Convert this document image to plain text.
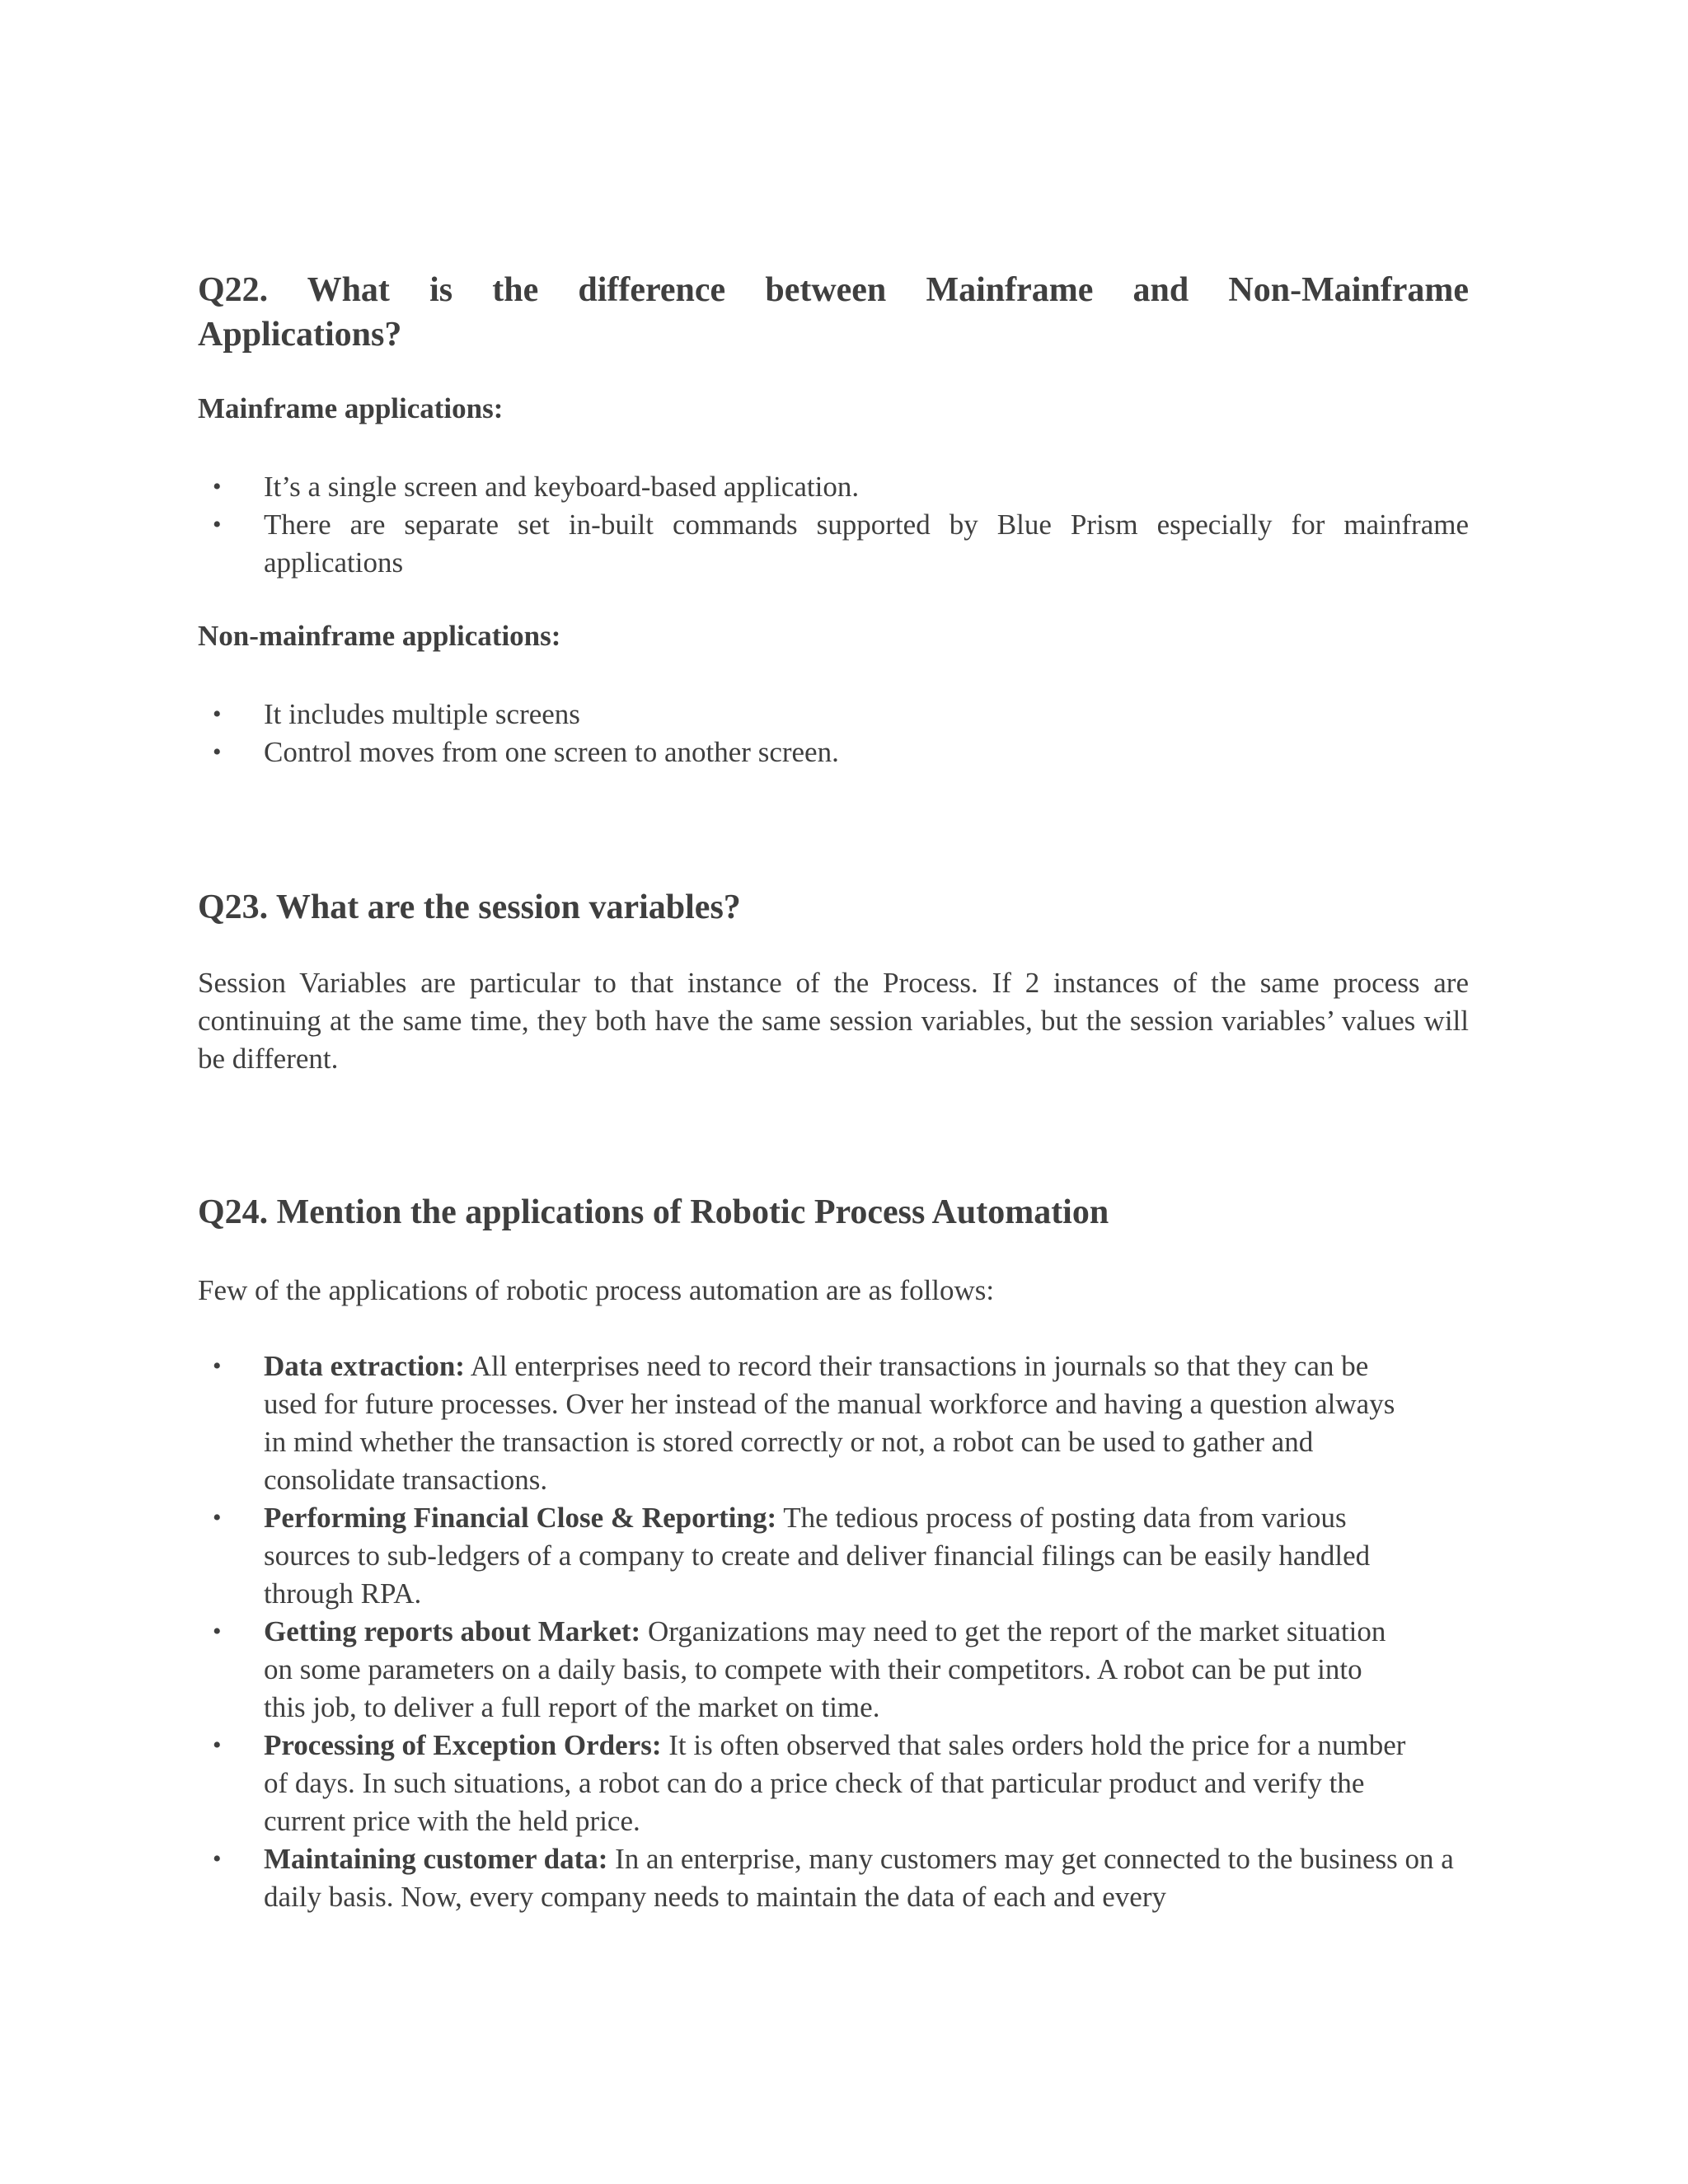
Q22. What is the difference between Mainframe and Non-Mainframe
Applications?

Mainframe applications:

• It’s a single screen and keyboard-based application.
• There are separate set in-built commands supported by Blue Prism especially for mainframe applications

Non-mainframe applications:

• It includes multiple screens
• Control moves from one screen to another screen.

Q23. What are the session variables?

Session Variables are particular to that instance of the Process. If 2 instances of the same process are continuing at the same time, they both have the same session variables, but the session variables’ values will be different.

Q24. Mention the applications of Robotic Process Automation

Few of the applications of robotic process automation are as follows:

• Data extraction: All enterprises need to record their transactions in journals so that they can be used for future processes. Over her instead of the manual workforce and having a question always in mind whether the transaction is stored correctly or not, a robot can be used to gather and consolidate transactions.
• Performing Financial Close & Reporting: The tedious process of posting data from various sources to sub-ledgers of a company to create and deliver financial filings can be easily handled through RPA.
• Getting reports about Market: Organizations may need to get the report of the market situation on some parameters on a daily basis, to compete with their competitors. A robot can be put into this job, to deliver a full report of the market on time.
• Processing of Exception Orders: It is often observed that sales orders hold the price for a number of days. In such situations, a robot can do a price check of that particular product and verify the current price with the held price.
• Maintaining customer data: In an enterprise, many customers may get connected to the business on a daily basis. Now, every company needs to maintain the data of each and every
